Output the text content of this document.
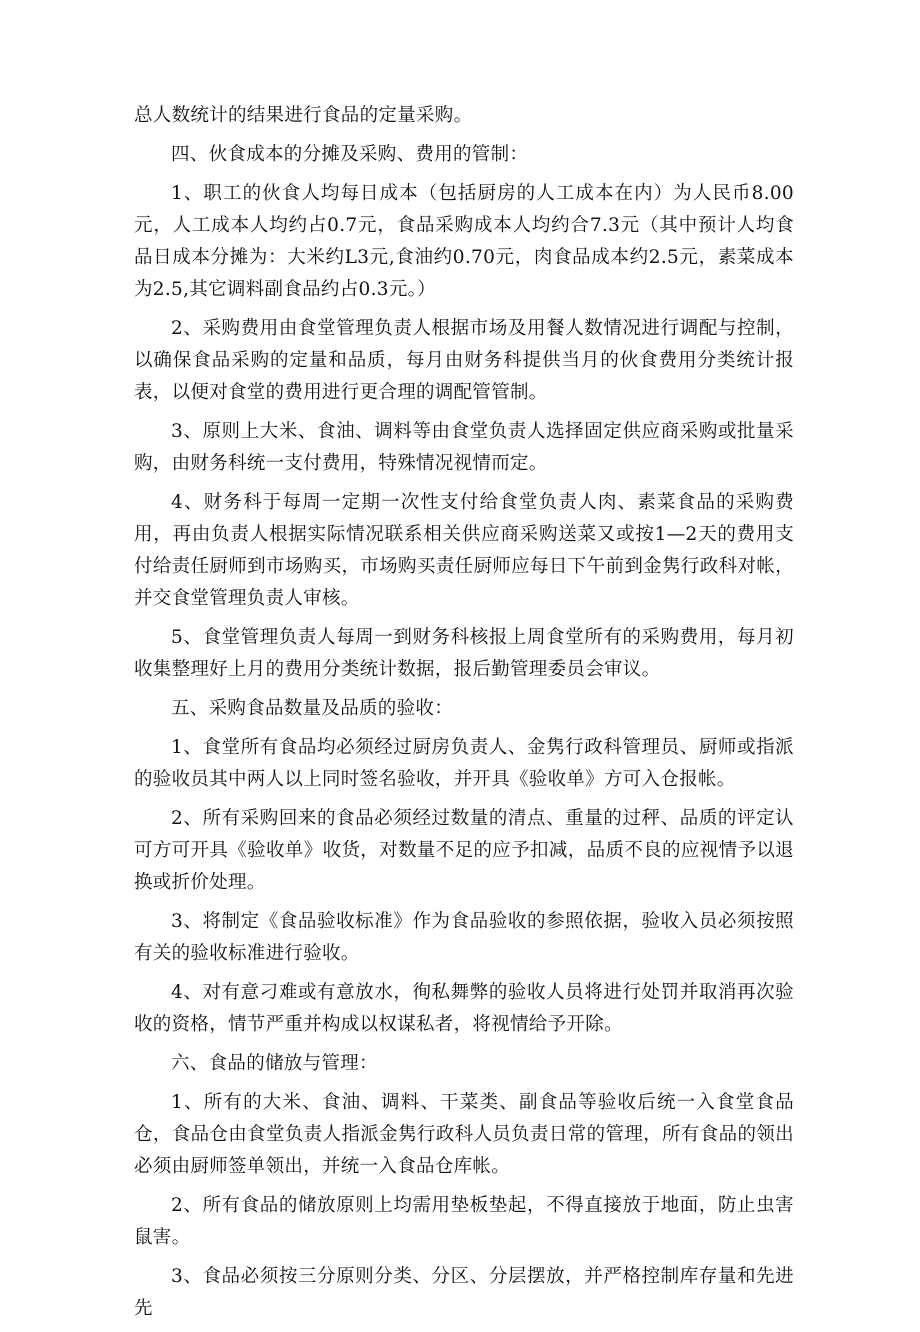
总人数统计的结果进行食品的定量采购。

四、伙食成本的分摊及采购、费用的管制：

1、职工的伙食人均每日成本（包括厨房的人工成本在内）为人民币8.00元，人工成本人均约占0.7元，食品采购成本人均约合7.3元（其中预计人均食品日成本分摊为：大米约L3元,食油约0.70元，肉食品成本约2.5元，素菜成本为2.5,其它调料副食品约占0.3元。）

2、采购费用由食堂管理负责人根据市场及用餐人数情况进行调配与控制，以确保食品采购的定量和品质，每月由财务科提供当月的伙食费用分类统计报表，以便对食堂的费用进行更合理的调配管管制。

3、原则上大米、食油、调料等由食堂负责人选择固定供应商采购或批量采购，由财务科统一支付费用，特殊情况视情而定。

4、财务科于每周一定期一次性支付给食堂负责人肉、素菜食品的采购费用，再由负责人根据实际情况联系相关供应商采购送菜又或按1—2天的费用支付给责任厨师到市场购买，市场购买责任厨师应每日下午前到金隽行政科对帐，并交食堂管理负责人审核。

5、食堂管理负责人每周一到财务科核报上周食堂所有的采购费用，每月初收集整理好上月的费用分类统计数据，报后勤管理委员会审议。

五、采购食品数量及品质的验收：

1、食堂所有食品均必须经过厨房负责人、金隽行政科管理员、厨师或指派的验收员其中两人以上同时签名验收，并开具《验收单》方可入仓报帐。

2、所有采购回来的食品必须经过数量的清点、重量的过秤、品质的评定认可方可开具《验收单》收货，对数量不足的应予扣减，品质不良的应视情予以退换或折价处理。

3、将制定《食品验收标准》作为食品验收的参照依据，验收入员必须按照有关的验收标准进行验收。

4、对有意刁难或有意放水，徇私舞弊的验收人员将进行处罚并取消再次验收的资格，情节严重并构成以权谋私者，将视情给予开除。

六、食品的储放与管理：

1、所有的大米、食油、调料、干菜类、副食品等验收后统一入食堂食品仓，食品仓由食堂负责人指派金隽行政科人员负责日常的管理，所有食品的领出必须由厨师签单领出，并统一入食品仓库帐。

2、所有食品的储放原则上均需用垫板垫起，不得直接放于地面，防止虫害鼠害。

3、食品必须按三分原则分类、分区、分层摆放，并严格控制库存量和先进先
